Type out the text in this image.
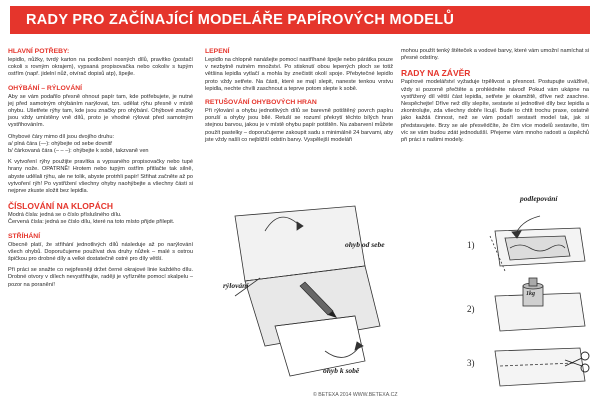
RADY PRO ZAČÍNAJÍCÍ MODELÁŘE PAPÍROVÝCH MODELŮ
HLAVNÍ POTŘEBY:

lepidlo, nůžky, tvrdý karton na podložení nosných dílů, pravítko (postačí cokoli s rovným okrajem), vypsaná propisovačka nebo cokoliv s tupým ostřím (např. jidelní nůž, otvírač dopisů atp), špejle.

OHÝBÁNÍ – RÝLOVÁNÍ

Aby se vám podařilo přesně ohnout papír tam, kde potřebujete, je nutné jej před samotným ohýbáním narýlovat, tzn. udělat rýhu přesně v místě ohybu. Ušetřete rýhy tam, kde jsou značky pro ohýbání. Ohýbové značky jsou vždy umístěny vně dílů, proto je vhodné rýlovat před samotným vystřihováním.

Ohybové čáry mimo díl jsou dvojího druhu:

a/ plná čára (—): ohýbejte od sebe dovnitř

b/ čárkovaná čára (– – –): ohýbejte k sobě, takzvaně ven

K vytvoření rýhy použijte pravítka a vypsaného propisovačky nebo tupé hrany nože. OPATRNĚ! Hrotem nebo tupým ostřím přitlačte tak silně, abyste udělali rýhu, ale ne tolik, abyste protrhli papír! Střihat začněte až po vytvoření rýh! Po vystřižení všechny ohyby naohýbejte a všechny části si nejprve zkuste složit bez lepidla.

ČÍSLOVÁNÍ NA KLOPÁCH

Modrá čísla: jedná se o číslo příslušného dílu.

Červená čísla: jedná se číslo dílu, které na toto místo přijde přilepit.

STŘÍHÁNÍ

Obecně platí, že střihání jednotlivých dílů následuje až po narýlování všech ohybů. Doporučujeme používat dva druhy nůžek – malé s ostrou špičkou pro drobné díly a velké dostatečně ostré pro díly větší.

Při práci se snažte co nejpřesněji držet černé okrajové linie každého dílu. Drobné otvory v dílech nevystřihujte, raději je vyříznětе pomocí skalpelu – pozor na poranění!

LEPENÍ

Lepidlo na chlopně nanášejte pomocí nastříhané špejle nebo párátka pouze v nezbytně nutném množství. Po stisknutí obou lepených ploch se totiž většina lepidla vytlačí a mohla by znečistit okolí spoje. Přebytečné lepidlo proto vždy setřete. Na části, které se mají slepit, naneste tenkou vrstvu lepidla, nechte chvíli zaschnout a teprve potom slepte k sobě.

RETUŠOVÁNÍ OHYBOVÝCH HRAN

Při rýlování a ohybu jednotlivých dílů se barevně potištěný povrch papíru poruší a ohyby jsou bílé. Retuší se rozumí překrytí těchto bílých hran stejnou barvou, jakou je v místě ohybu papír potištěn. Na zabarvení můžete použít pastelky – doporučujeme zakoupit sadu s minimálně 24 barvami, aby jste vždy našli co nejbližší odstín barvy. Vyspělejší modeláři

mohou použít tenký štěteček a vodové barvy, které vám umožní namíchat si přesné odstíny.

RADY NA ZÁVĚR

Papírové modelářství vyžaduje trpělivost a přesnost. Postupujte uvážlivě, vždy si pozorně přečtěte a prohlédněte návod! Pokud vám ukápne na vystřižený díl větší část lepidla, setřete je okamžitě, dříve než zaschne. Nespěchejte! Dříve než díly slepíte, sestavte si jednotlivé díly bez lepidla a zkontrolujte, zda všechny dobře lícují. Bude to chtít trochu praxe, ostatně jako každá činnost, než se vám podaří sestavit model tak, jak si představujete. Brzy se ale přesvědčíte, že čím více modelů sestavíte, tím víc se vám budou zdát jednodušší. Přejeme vám mnoho radosti a úspěchů při práci s našimi modely.

ohyb od sebe
rýlování
ohyb k sobě
podlepování
1)
2)
3)
1kg
© BETEXA 2014 WWW.BETEXA.CZ
